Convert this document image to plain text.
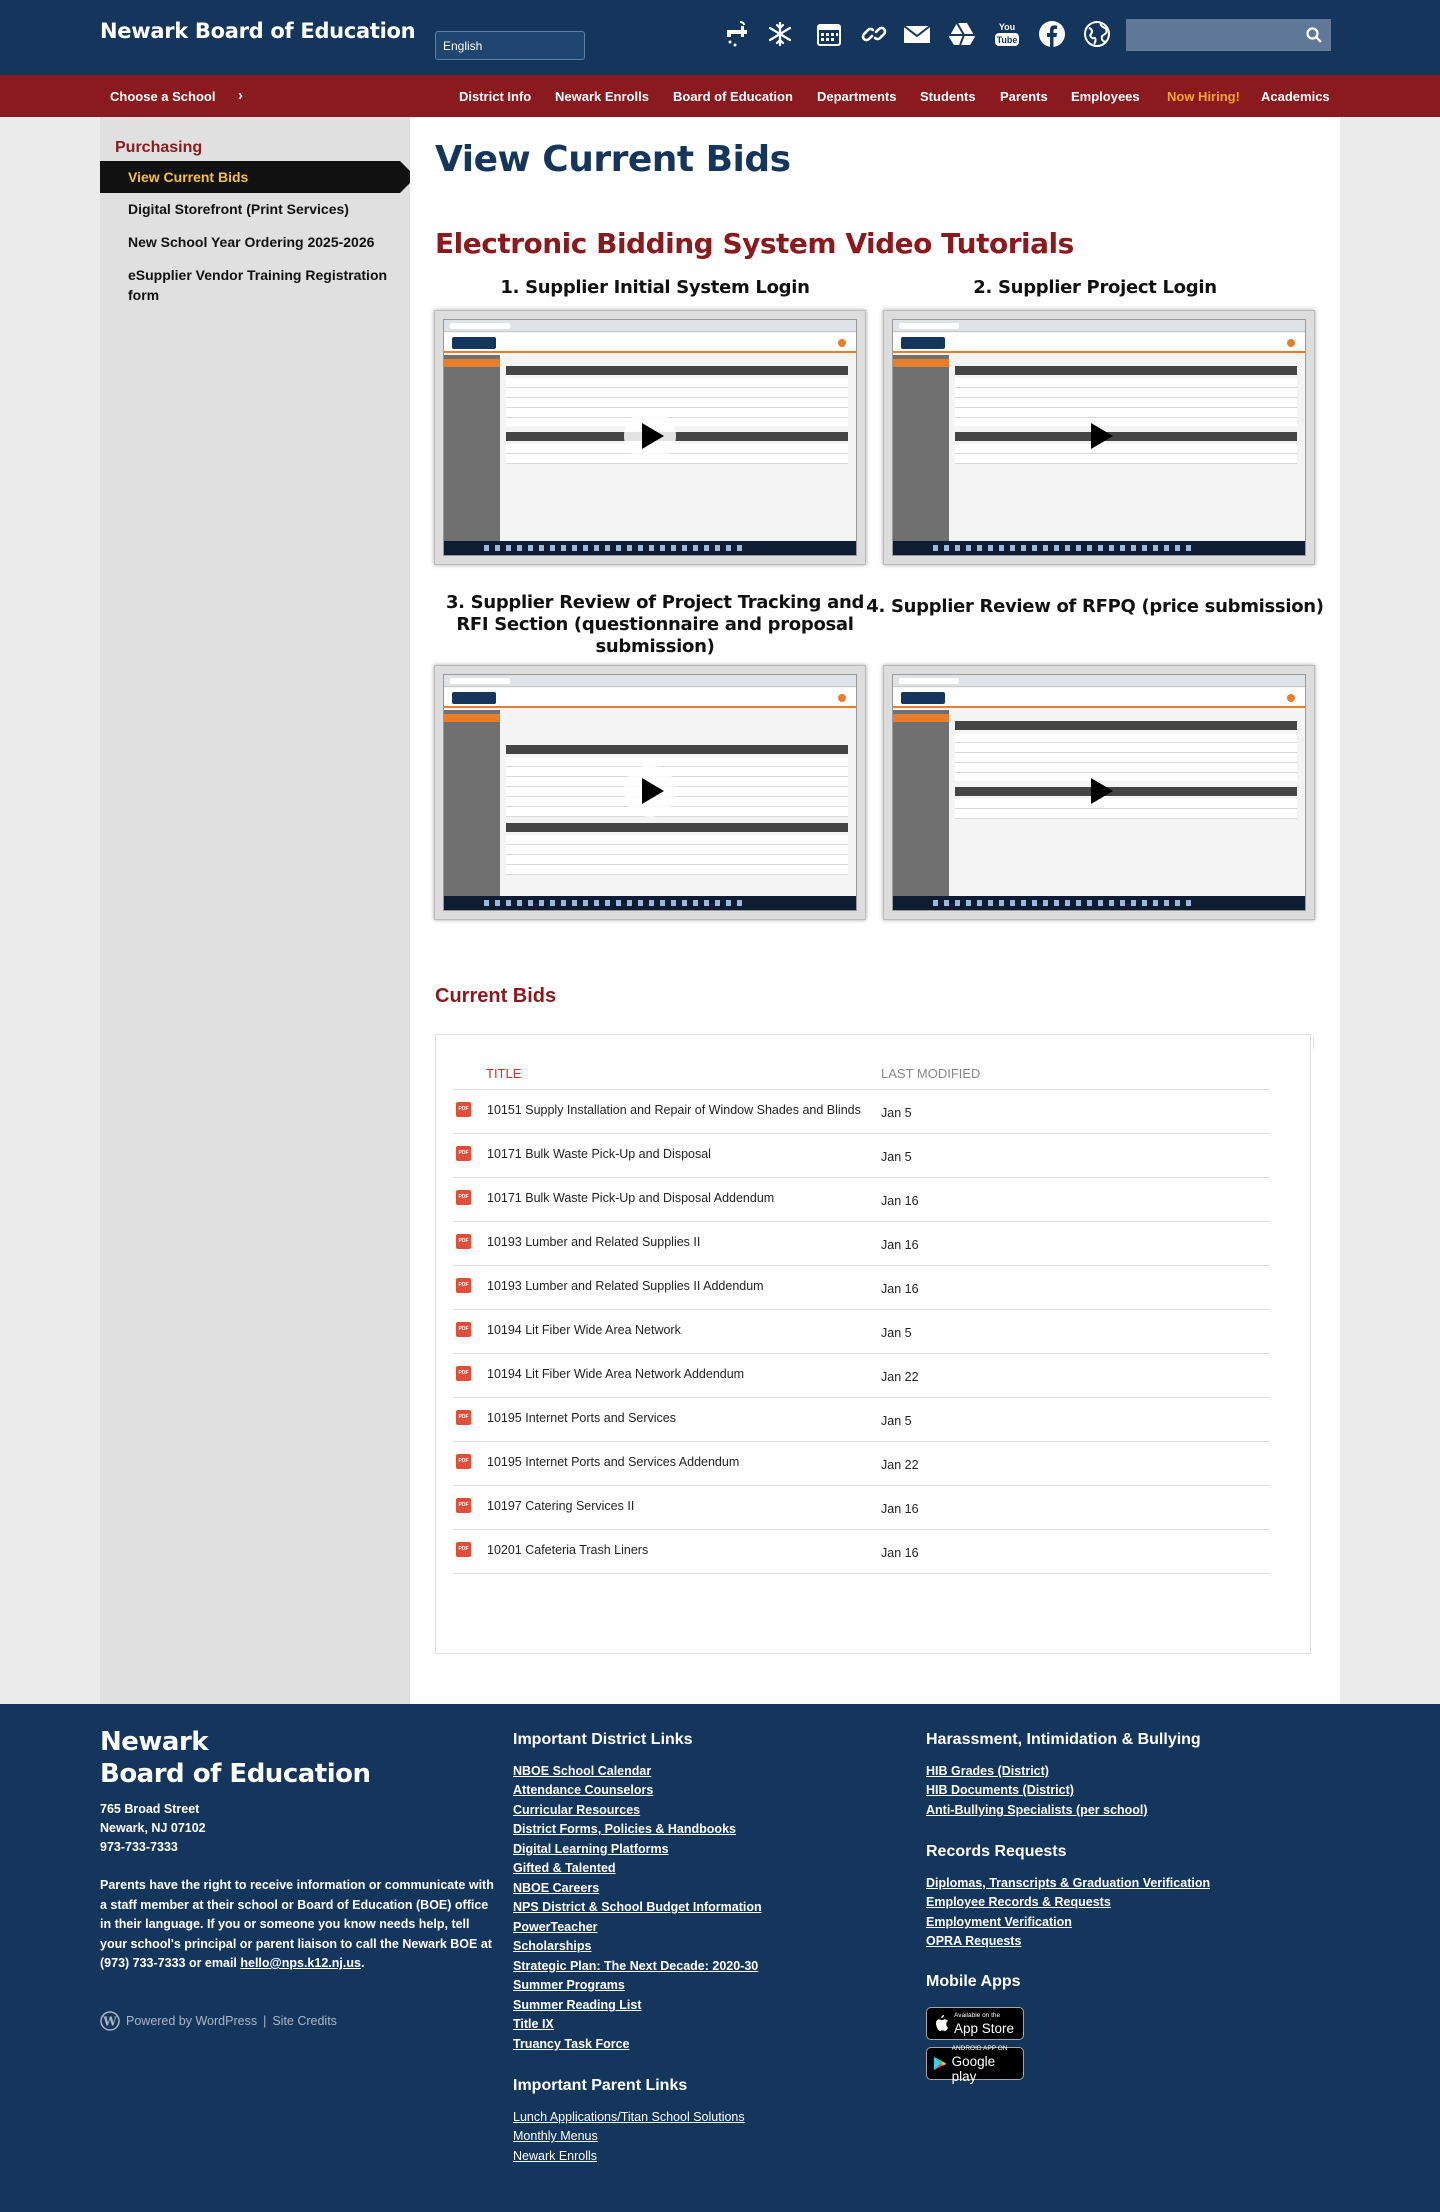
Newark Board of Education
English
You
Tube
Choose a School ›	District Info Newark Enrolls Board of Education Departments Students Parents Employees Now Hiring! Academics
Purchasing
View Current Bids
Digital Storefront (Print Services)
New School Year Ordering 2025-2026
eSupplier Vendor Training Registration form
View Current Bids
Electronic Bidding System Video Tutorials
1. Supplier Initial System Login	2. Supplier Project Login
3. Supplier Review of Project Tracking and RFI Section (questionnaire and proposal submission)
4. Supplier Review of RFPQ (price submission)
Current Bids
TITLE	LAST MODIFIED
PDF 10151 Supply Installation and Repair of Window Shades and Blinds	Jan 5
PDF 10171 Bulk Waste Pick-Up and Disposal	Jan 5
PDF 10171 Bulk Waste Pick-Up and Disposal Addendum	Jan 16
PDF 10193 Lumber and Related Supplies II	Jan 16
PDF 10193 Lumber and Related Supplies II Addendum	Jan 16
PDF 10194 Lit Fiber Wide Area Network	Jan 5
PDF 10194 Lit Fiber Wide Area Network Addendum	Jan 22
PDF 10195 Internet Ports and Services	Jan 5
PDF 10195 Internet Ports and Services Addendum	Jan 22
PDF 10197 Catering Services II	Jan 16
PDF 10201 Cafeteria Trash Liners	Jan 16
Newark
Board of Education
765 Broad Street
Newark, NJ 07102
973-733-7333
Parents have the right to receive information or communicate with a staff member at their school or Board of Education (BOE) office in their language. If you or someone you know needs help, tell your school's principal or parent liaison to call the Newark BOE at (973) 733-7333 or email hello@nps.k12.nj.us.
W Powered by WordPress | Site Credits
Important District Links
NBOE School Calendar
Attendance Counselors
Curricular Resources
District Forms, Policies & Handbooks
Digital Learning Platforms
Gifted & Talented
NBOE Careers
NPS District & School Budget Information
PowerTeacher
Scholarships
Strategic Plan: The Next Decade: 2020-30
Summer Programs
Summer Reading List
Title IX
Truancy Task Force
Important Parent Links
Lunch Applications/Titan School Solutions
Monthly Menus
Newark Enrolls
Harassment, Intimidation & Bullying
HIB Grades (District)
HIB Documents (District)
Anti-Bullying Specialists (per school)
Records Requests
Diplomas, Transcripts & Graduation Verification
Employee Records & Requests
Employment Verification
OPRA Requests
Mobile Apps
Available on the
App Store
ANDROID APP ON
Google play
